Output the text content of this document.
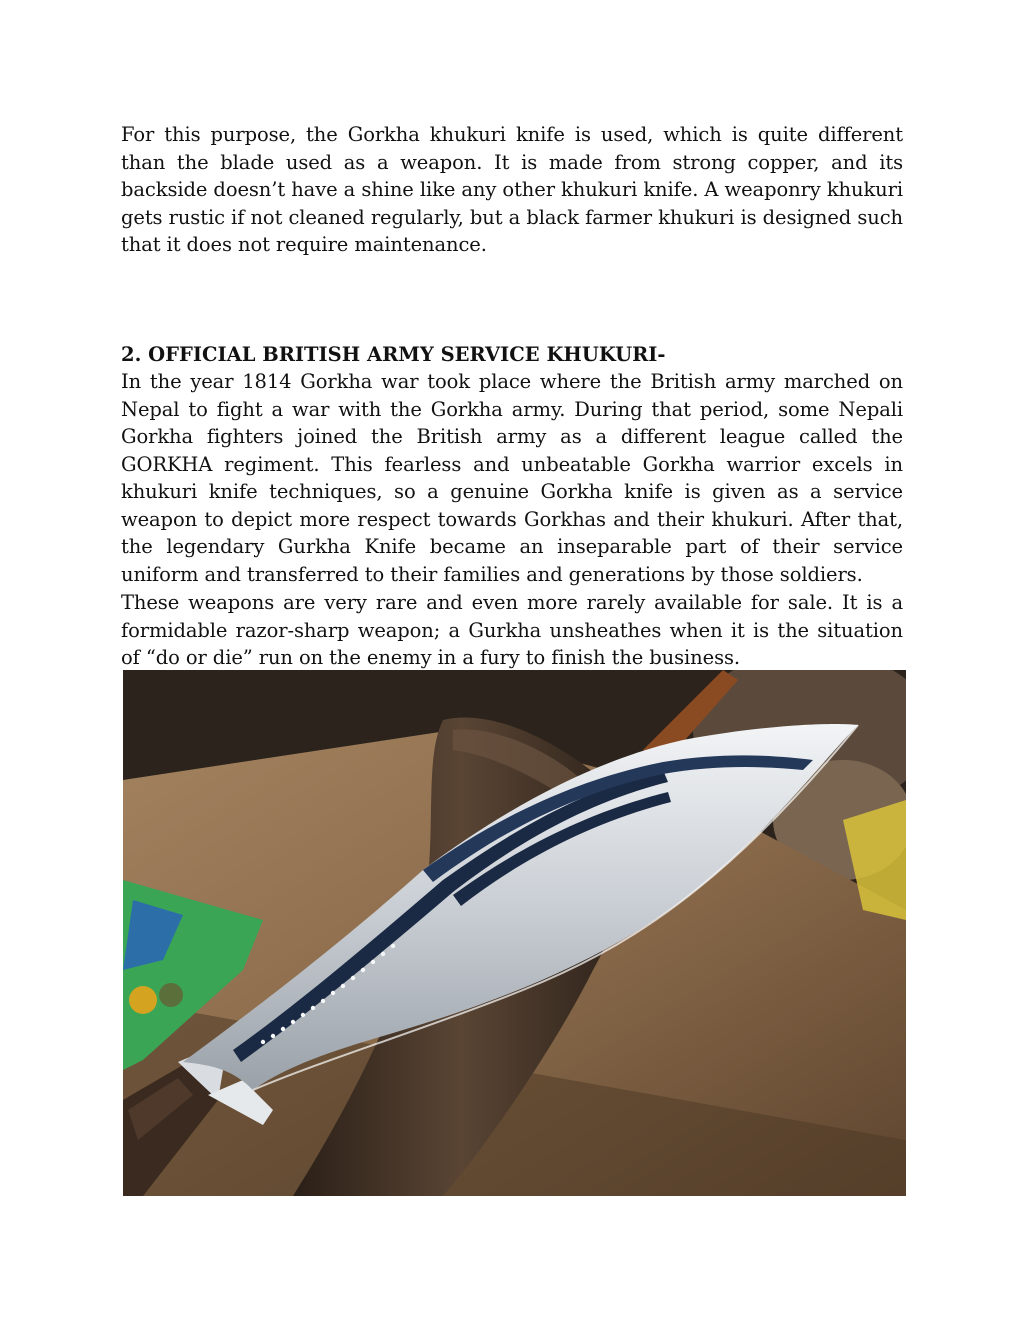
For this purpose, the Gorkha khukuri knife is used, which is quite different than the blade used as a weapon. It is made from strong copper, and its backside doesn’t have a shine like any other khukuri knife. A weaponry khukuri gets rustic if not cleaned regularly, but a black farmer khukuri is designed such that it does not require maintenance.

2. OFFICIAL BRITISH ARMY SERVICE KHUKURI-

In the year 1814 Gorkha war took place where the British army marched on Nepal to fight a war with the Gorkha army. During that period, some Nepali Gorkha fighters joined the British army as a different league called the GORKHA regiment. This fearless and unbeatable Gorkha warrior excels in khukuri knife techniques, so a genuine Gorkha knife is given as a service weapon to depict more respect towards Gorkhas and their khukuri. After that, the legendary Gurkha Knife became an inseparable part of their service uniform and transferred to their families and generations by those soldiers.

These weapons are very rare and even more rarely available for sale. It is a formidable razor-sharp weapon; a Gurkha unsheathes when it is the situation of “do or die” run on the enemy in a fury to finish the business.
